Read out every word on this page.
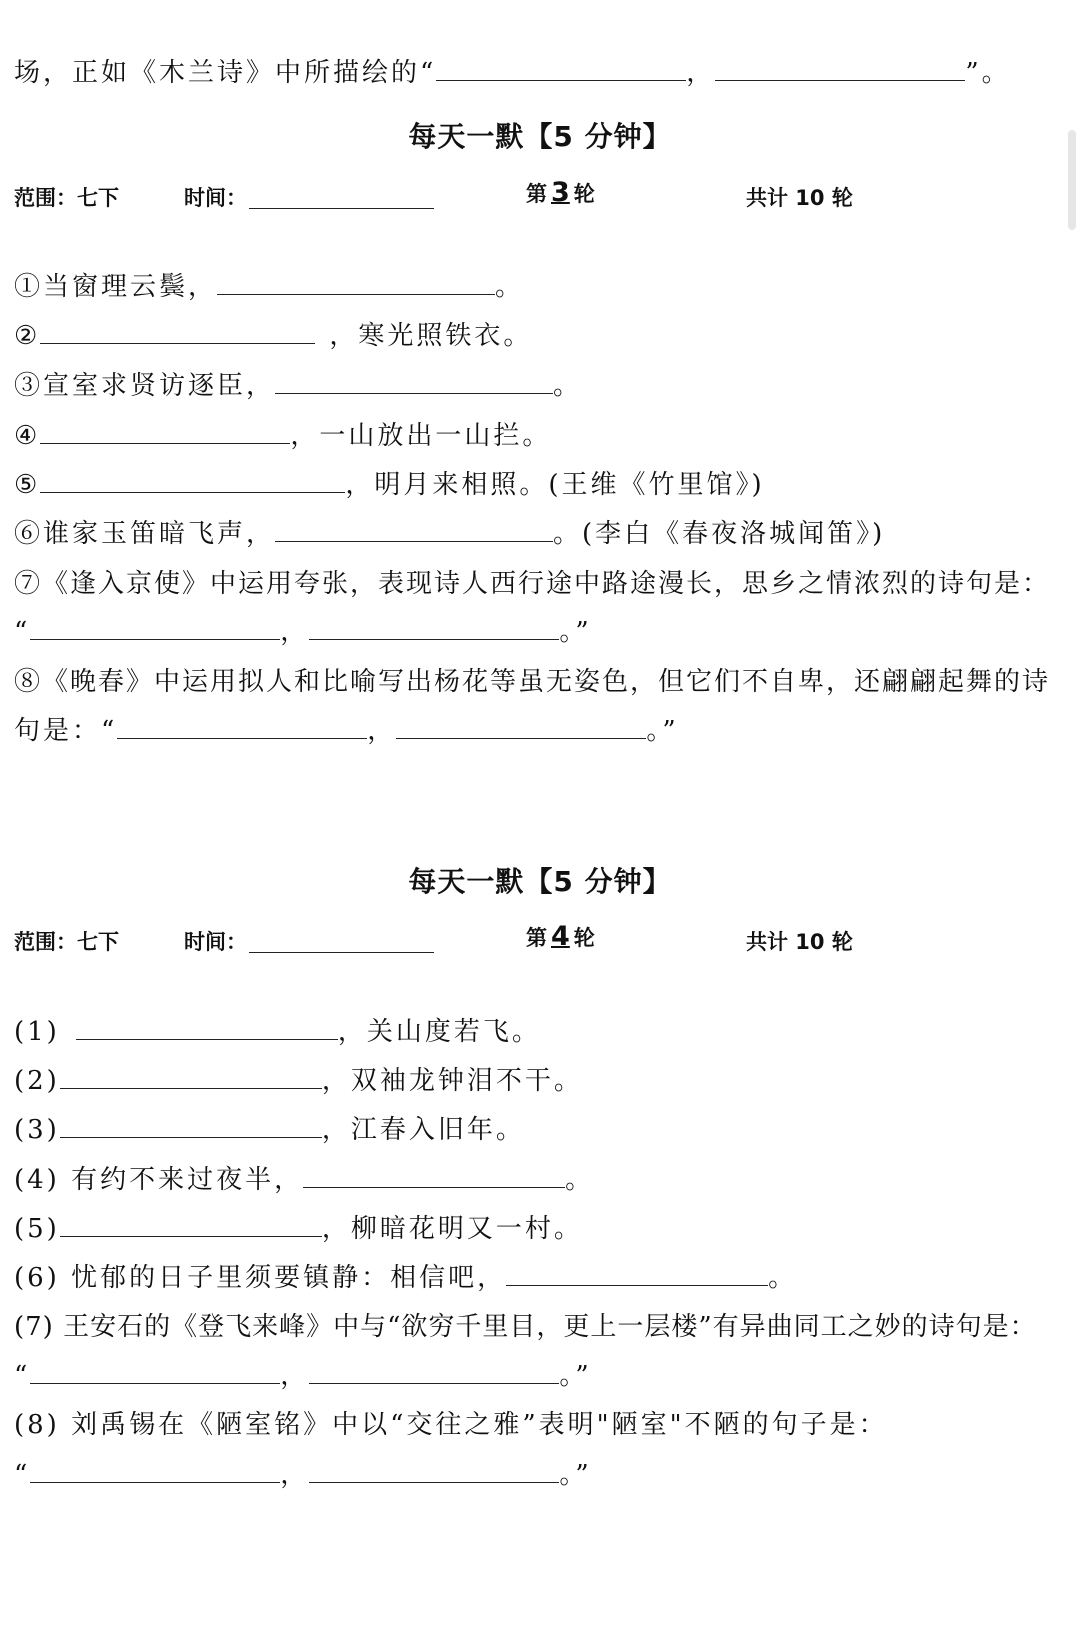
场，正如《木兰诗》中所描绘的“	，	”。
每天一默【5 分钟】
范围：七下	时间：	第 3 轮	共计 10 轮
①当窗理云鬓，	。
②	，寒光照铁衣。
③宣室求贤访逐臣，	。
④	，一山放出一山拦。
⑤	，明月来相照。(王维《竹里馆》)
⑥谁家玉笛暗飞声，	。(李白《春夜洛城闻笛》)
⑦《逢入京使》中运用夸张，表现诗人西行途中路途漫长，思乡之情浓烈的诗句是：
“	，	。”
⑧《晚春》中运用拟人和比喻写出杨花等虽无姿色，但它们不自卑，还翩翩起舞的诗
句是：“	，	。”
每天一默【5 分钟】
范围：七下	时间：	第 4 轮	共计 10 轮
(1)	，关山度若飞。
(2)	，双袖龙钟泪不干。
(3)	，江春入旧年。
(4) 有约不来过夜半，	。
(5)	，柳暗花明又一村。
(6) 忧郁的日子里须要镇静：相信吧，	。
(7) 王安石的《登飞来峰》中与“欲穷千里目，更上一层楼”有异曲同工之妙的诗句是：
“	，	。”
(8) 刘禹锡在《陋室铭》中以“交往之雅”表明"陋室"不陋的句子是：
“	，	。”
